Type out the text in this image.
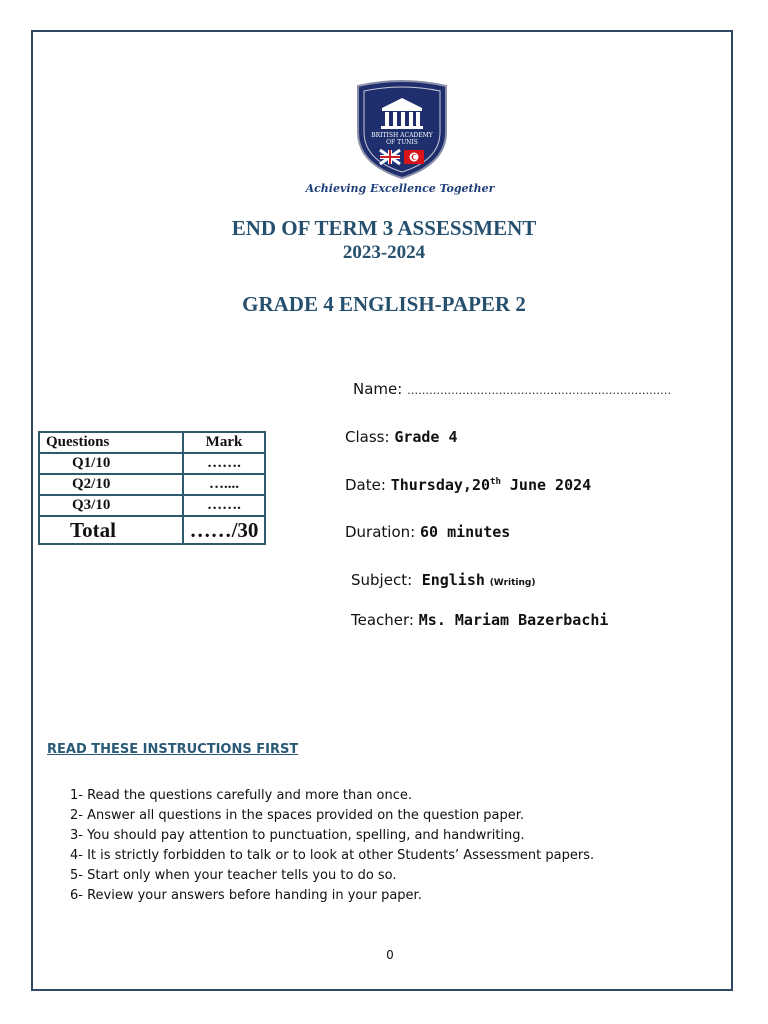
BRITISH ACADEMY
OF TUNIS
Achieving Excellence Together
END OF TERM 3 ASSESSMENT
2023-2024
GRADE 4 ENGLISH-PAPER 2
Name: ………………………………………………………………
Questions	Mark
Q1/10	…….
Q2/10	…....
Q3/10	…….
Total	……/30
Class: Grade 4
Date: Thursday,20th June 2024
Duration: 60 minutes
Subject: English (Writing)
Teacher: Ms. Mariam Bazerbachi
READ THESE INSTRUCTIONS FIRST
1- Read the questions carefully and more than once.
2- Answer all questions in the spaces provided on the question paper.
3- You should pay attention to punctuation, spelling, and handwriting.
4- It is strictly forbidden to talk or to look at other Students’ Assessment papers.
5- Start only when your teacher tells you to do so.
6- Review your answers before handing in your paper.
0
